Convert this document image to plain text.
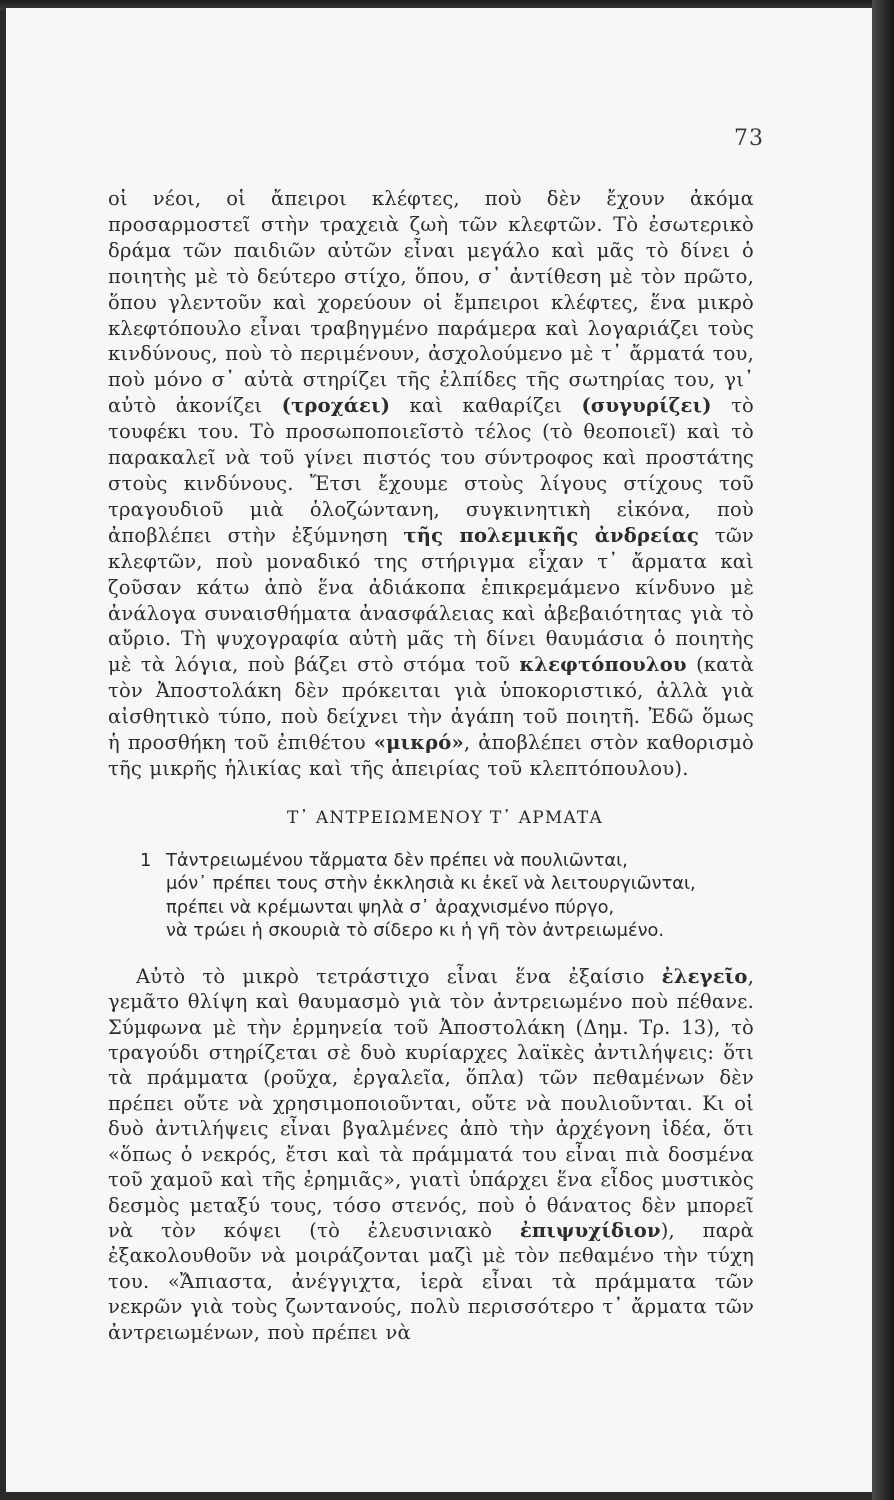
73

οἱ νέοι, οἱ ἄπειροι κλέφτες, ποὺ δὲν ἔχουν ἀκόμα προσαρμοστεῖ στὴν τραχειὰ ζωὴ τῶν κλεφτῶν. Τὸ ἐσωτερικὸ δράμα τῶν παιδιῶν αὐτῶν εἶναι μεγάλο καὶ μᾶς τὸ δίνει ὁ ποιητὴς μὲ τὸ δεύτερο στίχο, ὅπου, σ᾽ ἀντίθεση μὲ τὸν πρῶτο, ὅπου γλεντοῦν καὶ χορεύουν οἱ ἔμπειροι κλέφτες, ἕνα μικρὸ κλεφτόπουλο εἶναι τραβηγμένο παράμερα καὶ λογαριάζει τοὺς κινδύνους, ποὺ τὸ περιμένουν, ἀσχολούμενο μὲ τ᾽ ἄρματά του, ποὺ μόνο σ᾽ αὐτὰ στηρίζει τῆς ἐλπίδες τῆς σωτηρίας του, γι᾽ αὐτὸ ἀκονίζει (τροχάει) καὶ καθαρίζει (συγυρίζει) τὸ τουφέκι του. Τὸ προσωποποιεῖστὸ τέλος (τὸ θεοποιεῖ) καὶ τὸ παρακαλεῖ νὰ τοῦ γίνει πιστός του σύντροφος καὶ προστάτης στοὺς κινδύνους. Ἔτσι ἔχουμε στοὺς λίγους στίχους τοῦ τραγουδιοῦ μιὰ ὁλοζώντανη, συγκινητικὴ εἰκόνα, ποὺ ἀποβλέπει στὴν ἐξύμνηση τῆς πολεμικῆς ἀνδρείας τῶν κλεφτῶν, ποὺ μοναδικό της στήριγμα εἶχαν τ᾽ ἄρματα καὶ ζοῦσαν κάτω ἀπὸ ἕνα ἀδιάκοπα ἐπικρεμάμενο κίνδυνο μὲ ἀνάλογα συναισθήματα ἀνασφάλειας καὶ ἀβεβαιότητας γιὰ τὸ αὔριο. Τὴ ψυχογραφία αὐτὴ μᾶς τὴ δίνει θαυμάσια ὁ ποιητὴς μὲ τὰ λόγια, ποὺ βάζει στὸ στόμα τοῦ κλεφτόπουλου (κατὰ τὸν Ἀποστολάκη δὲν πρόκειται γιὰ ὑποκοριστικό, ἀλλὰ γιὰ αἰσθητικὸ τύπο, ποὺ δείχνει τὴν ἀγάπη τοῦ ποιητῆ. Ἐδῶ ὅμως ἡ προσθήκη τοῦ ἐπιθέτου «μικρό», ἀποβλέπει στὸν καθορισμὸ τῆς μικρῆς ἡλικίας καὶ τῆς ἀπειρίας τοῦ κλεπτόπουλου).

Τ᾽ ΑΝΤΡΕΙΩΜΕΝΟΥ Τ᾽ ΑΡΜΑΤΑ
1 Τἀντρειωμένου τἄρματα δὲν πρέπει νὰ πουλιῶνται,
μόν᾽ πρέπει τους στὴν ἐκκλησιὰ κι ἐκεῖ νὰ λειτουργιῶνται,
πρέπει νὰ κρέμωνται ψηλὰ σ᾽ ἀραχνισμένο πύργο,
νὰ τρώει ἡ σκουριὰ τὸ σίδερο κι ἡ γῆ τὸν ἀντρειωμένο.

Αὐτὸ τὸ μικρὸ τετράστιχο εἶναι ἕνα ἐξαίσιο ἐλεγεῖο, γεμᾶτο θλίψη καὶ θαυμασμὸ γιὰ τὸν ἀντρειωμένο ποὺ πέθανε. Σύμφωνα μὲ τὴν ἑρμηνεία τοῦ Ἀποστολάκη (Δημ. Τρ. 13), τὸ τραγούδι στηρίζεται σὲ δυὸ κυρίαρχες λαϊκὲς ἀντιλήψεις: ὅτι τὰ πράμματα (ροῦχα, ἐργαλεῖα, ὅπλα) τῶν πεθαμένων δὲν πρέπει οὔτε νὰ χρησιμοποιοῦνται, οὔτε νὰ πουλιοῦνται. Κι οἱ δυὸ ἀντιλήψεις εἶναι βγαλμένες ἀπὸ τὴν ἀρχέγονη ἰδέα, ὅτι «ὅπως ὁ νεκρός, ἔτσι καὶ τὰ πράμματά του εἶναι πιὰ δοσμένα τοῦ χαμοῦ καὶ τῆς ἐρημιᾶς», γιατὶ ὑπάρχει ἕνα εἶδος μυστικὸς δεσμὸς μεταξύ τους, τόσο στενός, ποὺ ὁ θάνατος δὲν μπορεῖ νὰ τὸν κόψει (τὸ ἐλευσινιακὸ ἐπιψυχίδιον), παρὰ ἐξακολουθοῦν νὰ μοιράζονται μαζὶ μὲ τὸν πεθαμένο τὴν τύχη του. «Ἄπιαστα, ἀνέγγιχτα, ἱερὰ εἶναι τὰ πράμματα τῶν νεκρῶν γιὰ τοὺς ζωντανούς, πολὺ περισσότερο τ᾽ ἄρματα τῶν ἀντρειωμένων, ποὺ πρέπει νὰ
